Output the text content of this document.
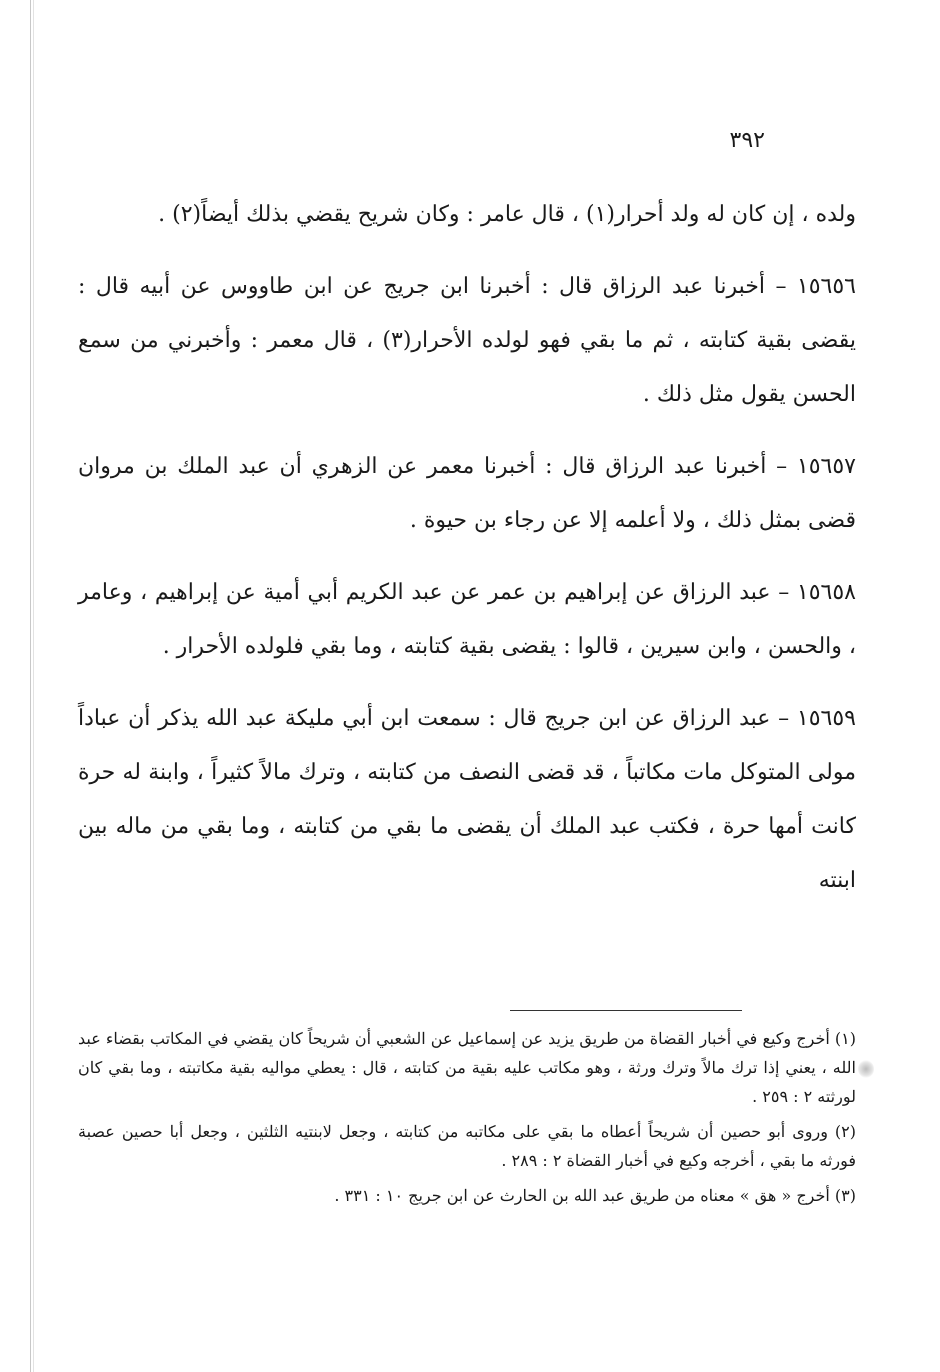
٣٩٢

ولده ، إن كان له ولد أحرار(١) ، قال عامر : وكان شريح يقضي بذلك أيضاً(٢) .

١٥٦٥٦ – أخبرنا عبد الرزاق قال : أخبرنا ابن جريج عن ابن طاووس عن أبيه قال : يقضى بقية كتابته ، ثم ما بقي فهو لولده الأحرار(٣) ، قال معمر : وأخبرني من سمع الحسن يقول مثل ذلك .

١٥٦٥٧ – أخبرنا عبد الرزاق قال : أخبرنا معمر عن الزهري أن عبد الملك بن مروان قضى بمثل ذلك ، ولا أعلمه إلا عن رجاء بن حيوة .

١٥٦٥٨ – عبد الرزاق عن إبراهيم بن عمر عن عبد الكريم أبي أمية عن إبراهيم ، وعامر ، والحسن ، وابن سيرين ، قالوا : يقضى بقية كتابته ، وما بقي فلولده الأحرار .

١٥٦٥٩ – عبد الرزاق عن ابن جريج قال : سمعت ابن أبي مليكة عبد الله يذكر أن عباداً مولى المتوكل مات مكاتباً ، قد قضى النصف من كتابته ، وترك مالاً كثيراً ، وابنة له حرة كانت أمها حرة ، فكتب عبد الملك أن يقضى ما بقي من كتابته ، وما بقي من ماله بين ابنته

(١) أخرج وكيع في أخبار القضاة من طريق يزيد عن إسماعيل عن الشعبي أن شريحاً كان يقضي في المكاتب بقضاء عبد الله ، يعني إذا ترك مالاً وترك ورثة ، وهو مكاتب عليه بقية من كتابته ، قال : يعطي مواليه بقية مكاتبته ، وما بقي كان لورثته ٢ : ٢٥٩ .

(٢) وروى أبو حصين أن شريحاً أعطاه ما بقي على مكاتبه من كتابته ، وجعل لابنتيه الثلثين ، وجعل أبا حصين عصبة فورثه ما بقي ، أخرجه وكيع في أخبار القضاة ٢ : ٢٨٩ .

(٣) أخرج « هق » معناه من طريق عبد الله بن الحارث عن ابن جريج ١٠ : ٣٣١ .
